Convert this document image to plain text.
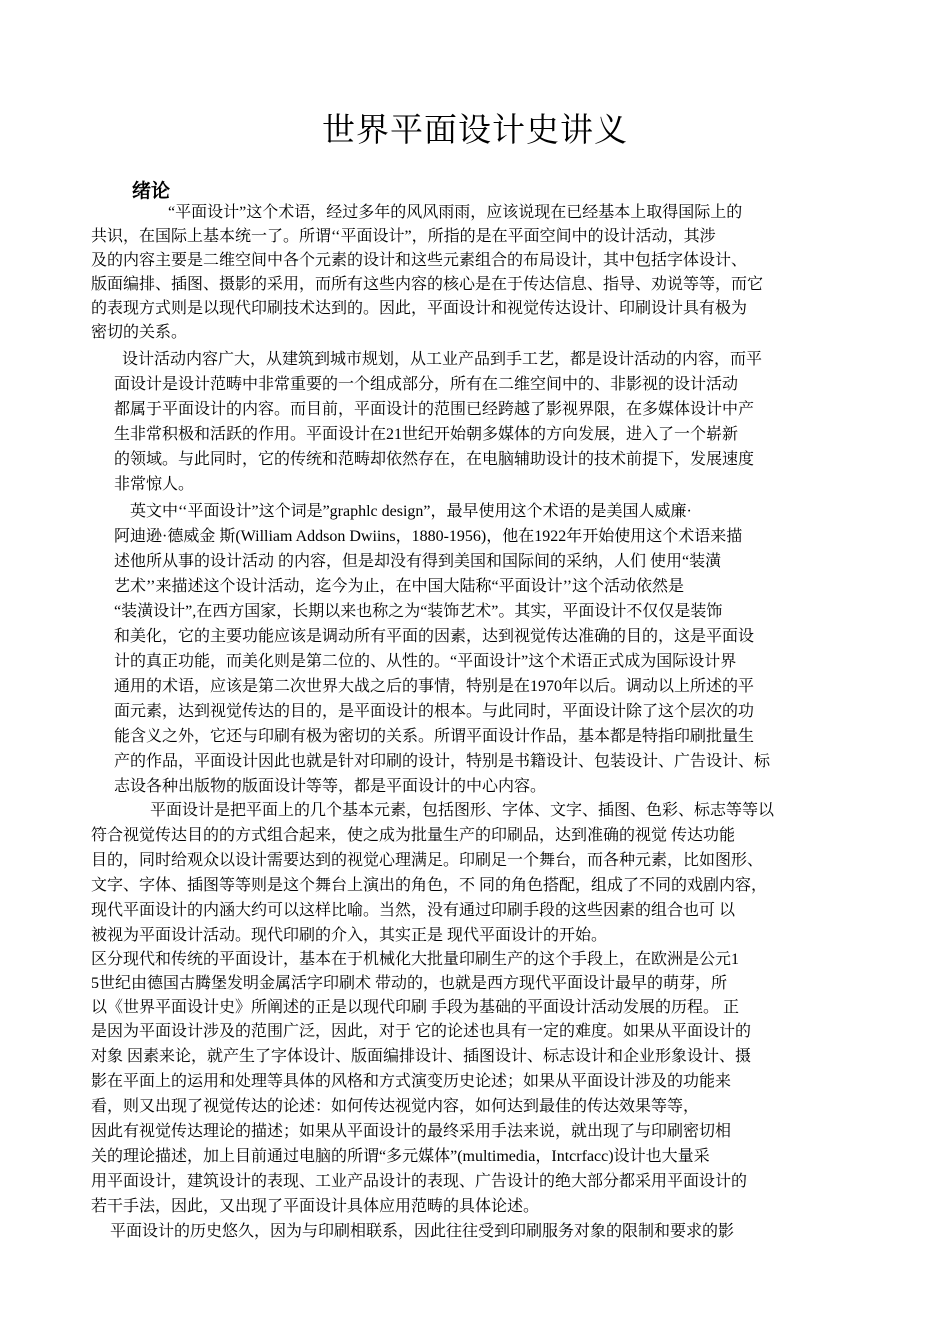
世界平面设计史讲义
绪论

“平面设计”这个术语，经过多年的风风雨雨，应该说现在已经基本上取得国际上的

共识，在国际上基本统一了。所谓‘‘平面设计”，所指的是在平面空间中的设计活动，其涉

及的内容主要是二维空间中各个元素的设计和这些元素组合的布局设计，其中包括字体设计、

版面编排、插图、摄影的采用，而所有这些内容的核心是在于传达信息、指导、劝说等等，而它

的表现方式则是以现代印刷技术达到的。因此，平面设计和视觉传达设计、印刷设计具有极为

密切的关系。

设计活动内容广大，从建筑到城市规划，从工业产品到手工艺，都是设计活动的内容，而平

面设计是设计范畴中非常重要的一个组成部分，所有在二维空间中的、非影视的设计活动

都属于平面设计的内容。而目前，平面设计的范围已经跨越了影视界限，在多媒体设计中产

生非常积极和活跃的作用。平面设计在21世纪开始朝多媒体的方向发展，进入了一个崭新

的领域。与此同时，它的传统和范畴却依然存在，在电脑辅助设计的技术前提下，发展速度

非常惊人。

英文中‘‘平面设计”这个词是”graphlc design”，最早使用这个术语的是美国人威廉·

阿迪逊·德威金 斯(William Addson Dwiins，1880-1956)，他在1922年开始使用这个术语来描

述他所从事的设计活动 的内容，但是却没有得到美国和国际间的采纳，人们 使用“装潢

艺术’’来描述这个设计活动，迄今为止，在中国大陆称“平面设计’’这个活动依然是

“装潢设计”,在西方国家，长期以来也称之为“装饰艺术”。其实，平面设计不仅仅是装饰

和美化，它的主要功能应该是调动所有平面的因素，达到视觉传达准确的目的，这是平面设

计的真正功能，而美化则是第二位的、从性的。“平面设计”这个术语正式成为国际设计界

通用的术语，应该是第二次世界大战之后的事情，特别是在1970年以后。调动以上所述的平

面元素，达到视觉传达的目的，是平面设计的根本。与此同时，平面设计除了这个层次的功

能含义之外，它还与印刷有极为密切的关系。所谓平面设计作品，基本都是特指印刷批量生

产的作品，平面设计因此也就是针对印刷的设计，特别是书籍设计、包装设计、广告设计、标

志设各种出版物的版面设计等等，都是平面设计的中心内容。

平面设计是把平面上的几个基本元素，包括图形、字体、文字、插图、色彩、标志等等以

符合视觉传达目的的方式组合起来，使之成为批量生产的印刷品，达到准确的视觉 传达功能

目的，同时给观众以设计需要达到的视觉心理满足。印刷足一个舞台，而各种元素，比如图形、

文字、字体、插图等等则是这个舞台上演出的角色，不 同的角色搭配，组成了不同的戏剧内容，

现代平面设计的内涵大约可以这样比喻。当然，没有通过印刷手段的这些因素的组合也可 以

被视为平面设计活动。现代印刷的介入，其实正是 现代平面设计的开始。

区分现代和传统的平面设计，基本在于机械化大批量印刷生产的这个手段上，在欧洲是公元1

5世纪由德国古腾堡发明金属活字印刷术 带动的，也就是西方现代平面设计最早的萌芽，所

以《世界平面设计史》所阐述的正是以现代印刷 手段为基础的平面设计活动发展的历程。 正

是因为平面设计涉及的范围广泛，因此，对于 它的论述也具有一定的难度。如果从平面设计的

对象 因素来论，就产生了字体设计、版面编排设计、插图设计、标志设计和企业形象设计、摄

影在平面上的运用和处理等具体的风格和方式演变历史论述；如果从平面设计涉及的功能来

看，则又出现了视觉传达的论述：如何传达视觉内容，如何达到最佳的传达效果等等，

因此有视觉传达理论的描述；如果从平面设计的最终采用手法来说，就出现了与印刷密切相

关的理论描述，加上目前通过电脑的所谓“多元媒体”(multimedia，Intcrfacc)设计也大量采

用平面设计，建筑设计的表现、工业产品设计的表现、广告设计的绝大部分都采用平面设计的

若干手法，因此，又出现了平面设计具体应用范畴的具体论述。

平面设计的历史悠久，因为与印刷相联系，因此往往受到印刷服务对象的限制和要求的影
